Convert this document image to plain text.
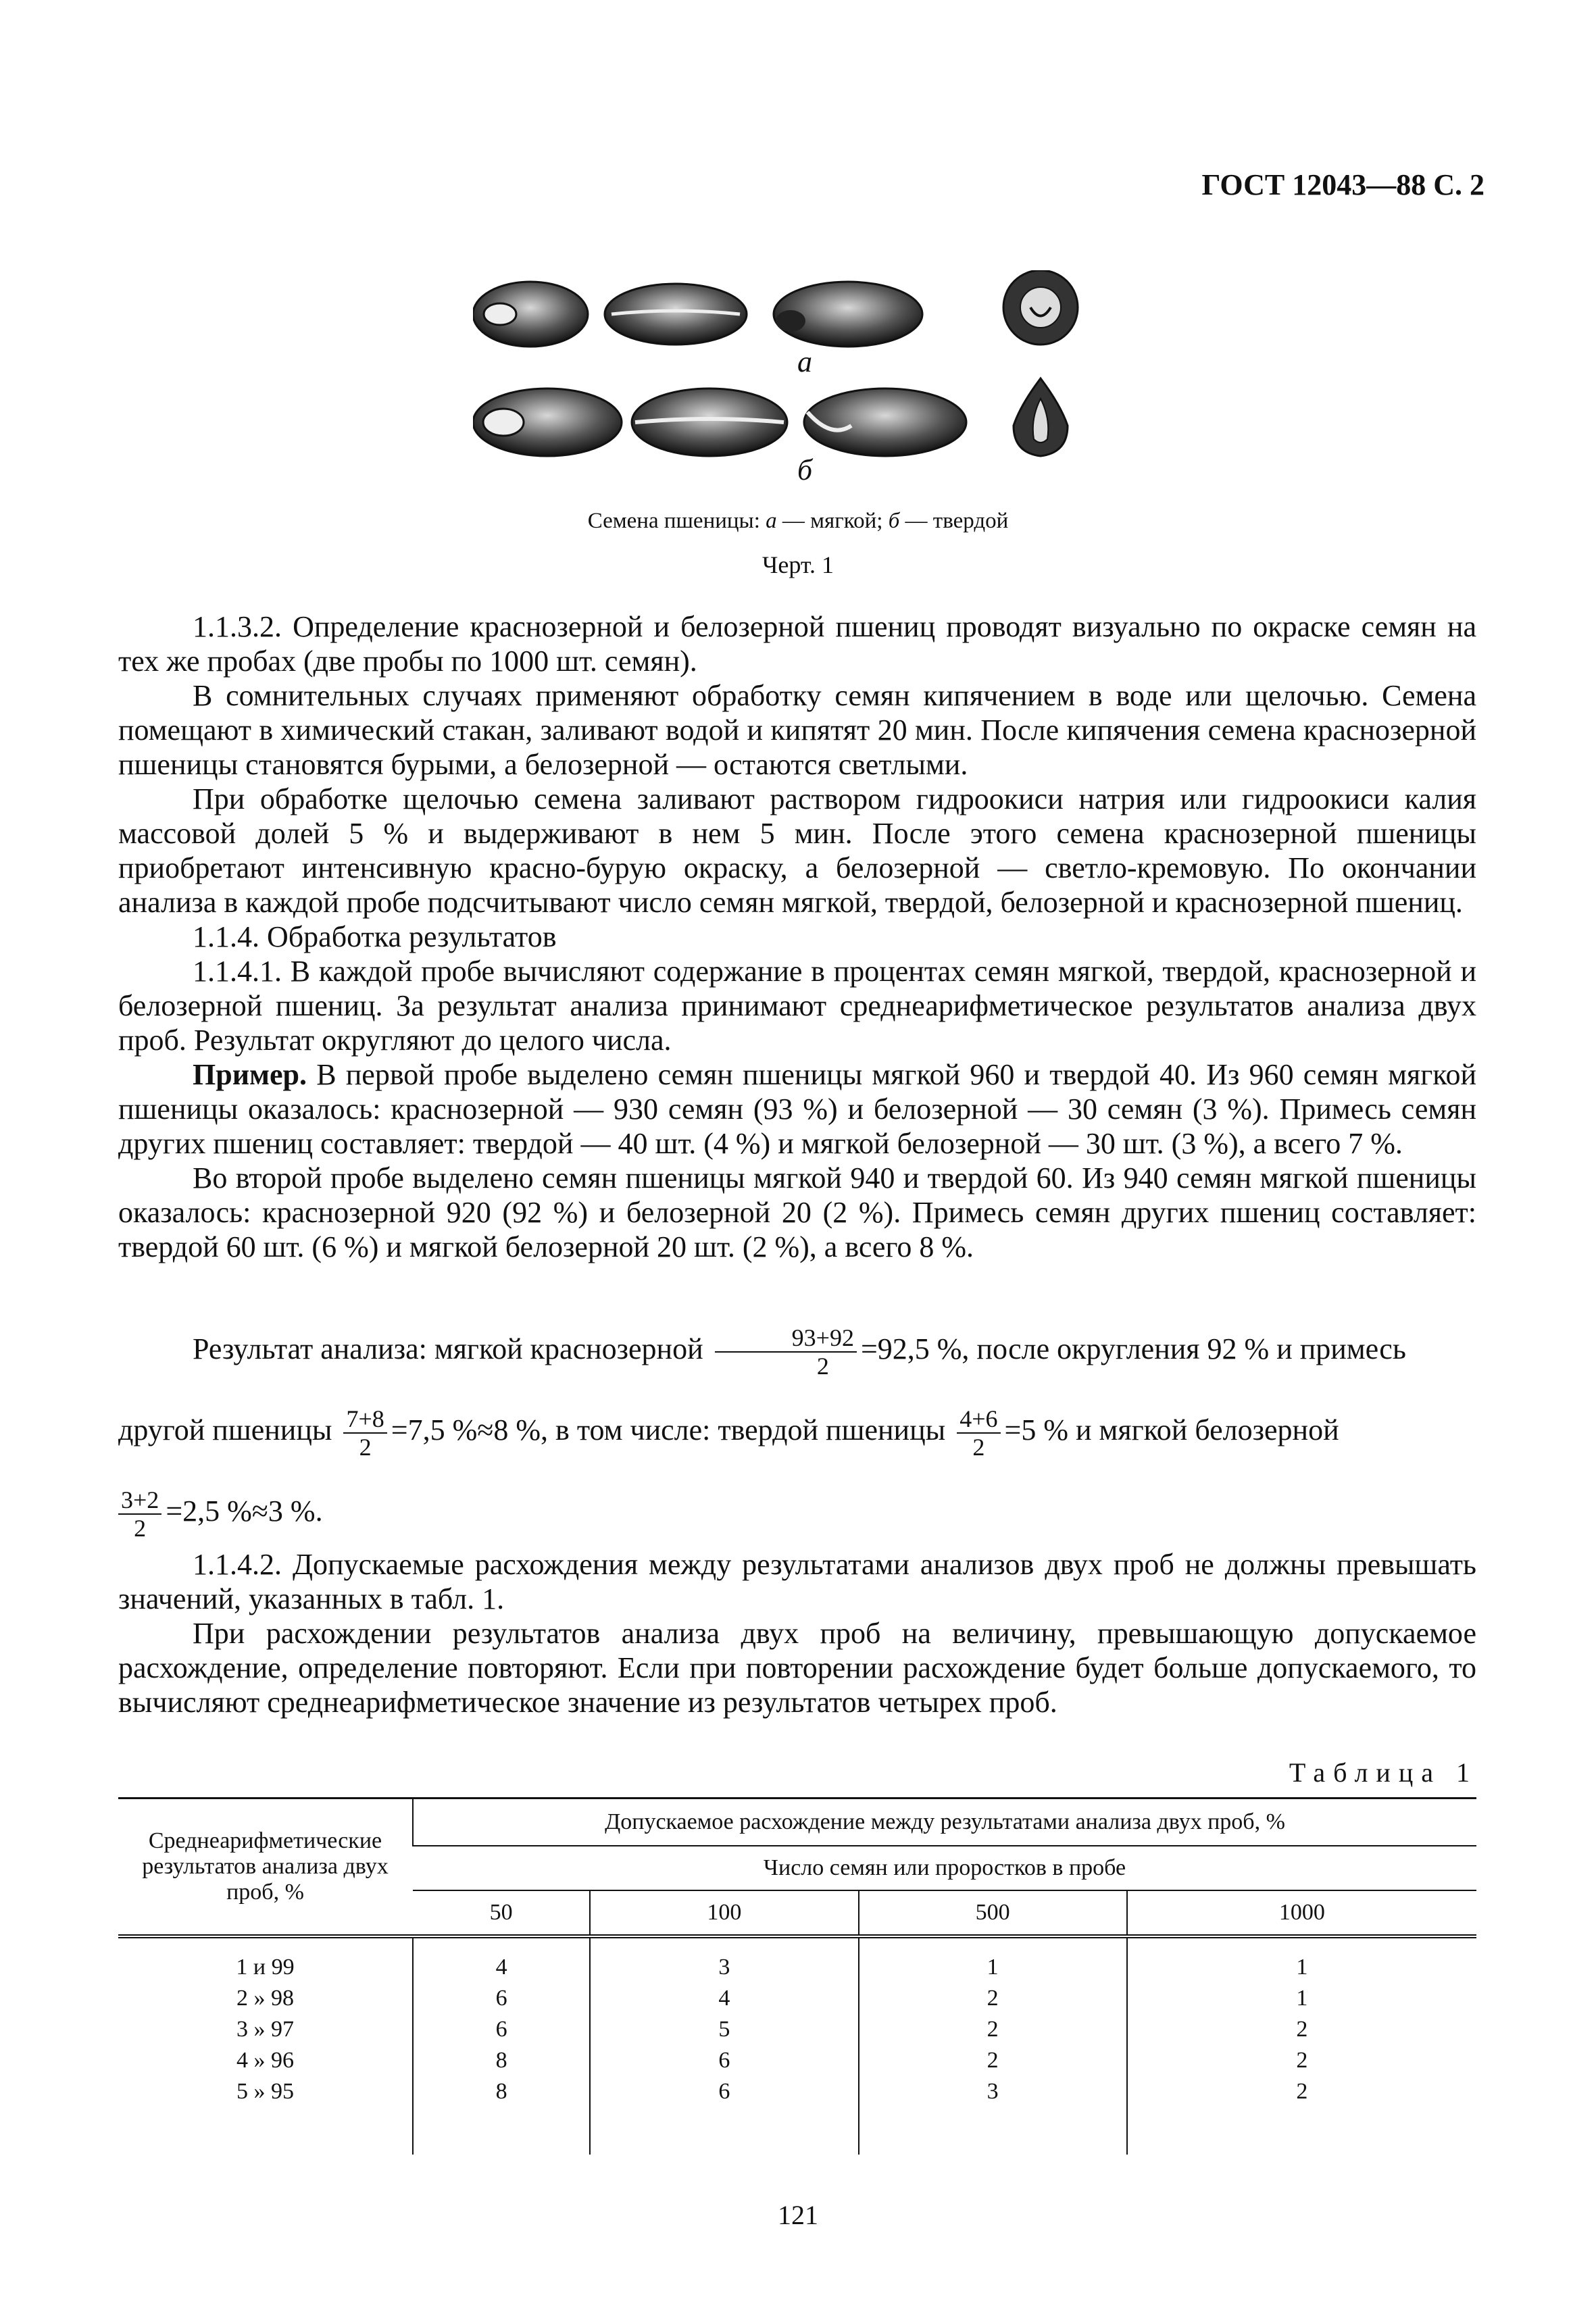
ГОСТ 12043—88 С. 2
а
б
Семена пшеницы: а — мягкой; б — твердой
Черт. 1

1.1.3.2. Определение краснозерной и белозерной пшениц проводят визуально по окраске семян на тех же пробах (две пробы по 1000 шт. семян).

В сомнительных случаях применяют обработку семян кипячением в воде или щелочью. Семена помещают в химический стакан, заливают водой и кипятят 20 мин. После кипячения семена краснозерной пшеницы становятся бурыми, а белозерной — остаются светлыми.

При обработке щелочью семена заливают раствором гидроокиси натрия или гидроокиси калия массовой долей 5 % и выдерживают в нем 5 мин. После этого семена краснозерной пшеницы приобретают интенсивную красно-бурую окраску, а белозерной — светло-кремовую. По окончании анализа в каждой пробе подсчитывают число семян мягкой, твердой, белозерной и краснозерной пшениц.

1.1.4. Обработка результатов

1.1.4.1. В каждой пробе вычисляют содержание в процентах семян мягкой, твердой, краснозерной и белозерной пшениц. За результат анализа принимают среднеарифметическое результатов анализа двух проб. Результат округляют до целого числа.

Пример. В первой пробе выделено семян пшеницы мягкой 960 и твердой 40. Из 960 семян мягкой пшеницы оказалось: краснозерной — 930 семян (93 %) и белозерной — 30 семян (3 %). Примесь семян других пшениц составляет: твердой — 40 шт. (4 %) и мягкой белозерной — 30 шт. (3 %), а всего 7 %.

Во второй пробе выделено семян пшеницы мягкой 940 и твердой 60. Из 940 семян мягкой пшеницы оказалось: краснозерной 920 (92 %) и белозерной 20 (2 %). Примесь семян других пшениц составляет: твердой 60 шт. (6 %) и мягкой белозерной 20 шт. (2 %), а всего 8 %.

Результат анализа: мягкой краснозерной $\frac{93+92}{2} =92,5$ %, после округления 92 % и примесь
другой пшеницы $\frac{7+8}{2} =7,5$ %≈8 %, в том числе: твердой пшеницы $\frac{4+6}{2} =5$ % и мягкой белозерной
$\frac{3+2}{2} =2,5$ %≈3 %.

1.1.4.2. Допускаемые расхождения между результатами анализов двух проб не должны превышать значений, указанных в табл. 1.

При расхождении результатов анализа двух проб на величину, превышающую допускаемое расхождение, определение повторяют. Если при повторении расхождение будет больше допускаемого, то вычисляют среднеарифметическое значение из результатов четырех проб.

Таблица 1
Среднеарифметические результатов анализа двух проб, %	Допускаемое расхождение между результатами анализа двух проб, %			
	Число семян или проростков в пробе			
	50	100	500	1000
1 и 99	4	3	1	1
2 » 98	6	4	2	1
3 » 97	6	5	2	2
4 » 96	8	6	2	2
5 » 95	8	6	3	2
121
